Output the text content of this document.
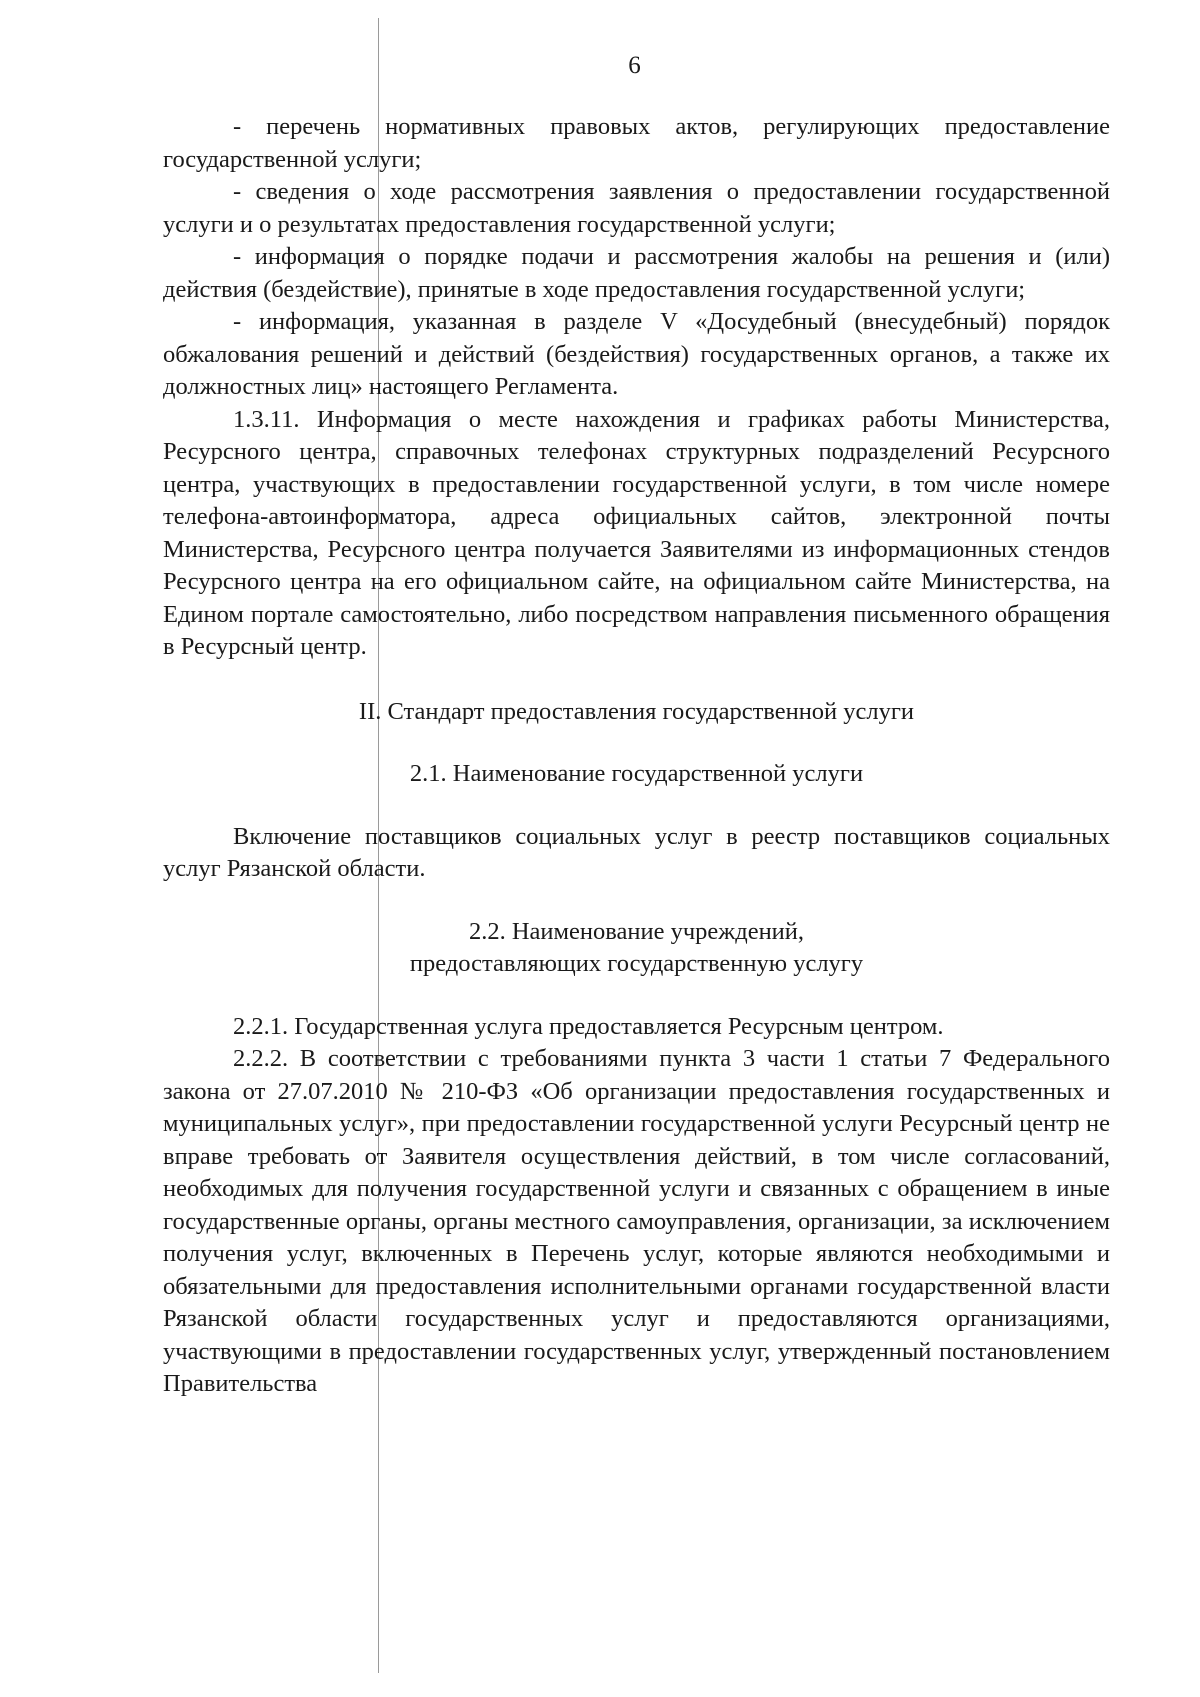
6

- перечень нормативных правовых актов, регулирующих предоставление государственной услуги;

- сведения о ходе рассмотрения заявления о предоставлении государственной услуги и о результатах предоставления государственной услуги;

- информация о порядке подачи и рассмотрения жалобы на решения и (или) действия (бездействие), принятые в ходе предоставления государственной услуги;

- информация, указанная в разделе V «Досудебный (внесудебный) порядок обжалования решений и действий (бездействия) государственных органов, а также их должностных лиц» настоящего Регламента.

1.3.11. Информация о месте нахождения и графиках работы Министерства, Ресурсного центра, справочных телефонах структурных подразделений Ресурсного центра, участвующих в предоставлении государственной услуги, в том числе номере телефона-автоинформатора, адреса официальных сайтов, электронной почты Министерства, Ресурсного центра получается Заявителями из информационных стендов Ресурсного центра на его официальном сайте, на официальном сайте Министерства, на Едином портале самостоятельно, либо посредством направления письменного обращения в Ресурсный центр.

II. Стандарт предоставления государственной услуги

2.1. Наименование государственной услуги

Включение поставщиков социальных услуг в реестр поставщиков социальных услуг Рязанской области.

2.2. Наименование учреждений,

предоставляющих государственную услугу

2.2.1. Государственная услуга предоставляется Ресурсным центром.

2.2.2. В соответствии с требованиями пункта 3 части 1 статьи 7 Федерального закона от 27.07.2010 № 210-ФЗ «Об организации предоставления государственных и муниципальных услуг», при предоставлении государственной услуги Ресурсный центр не вправе требовать от Заявителя осуществления действий, в том числе согласований, необходимых для получения государственной услуги и связанных с обращением в иные государственные органы, органы местного самоуправления, организации, за исключением получения услуг, включенных в Перечень услуг, которые являются необходимыми и обязательными для предоставления исполнительными органами государственной власти Рязанской области государственных услуг и предоставляются организациями, участвующими в предоставлении государственных услуг, утвержденный постановлением Правительства
